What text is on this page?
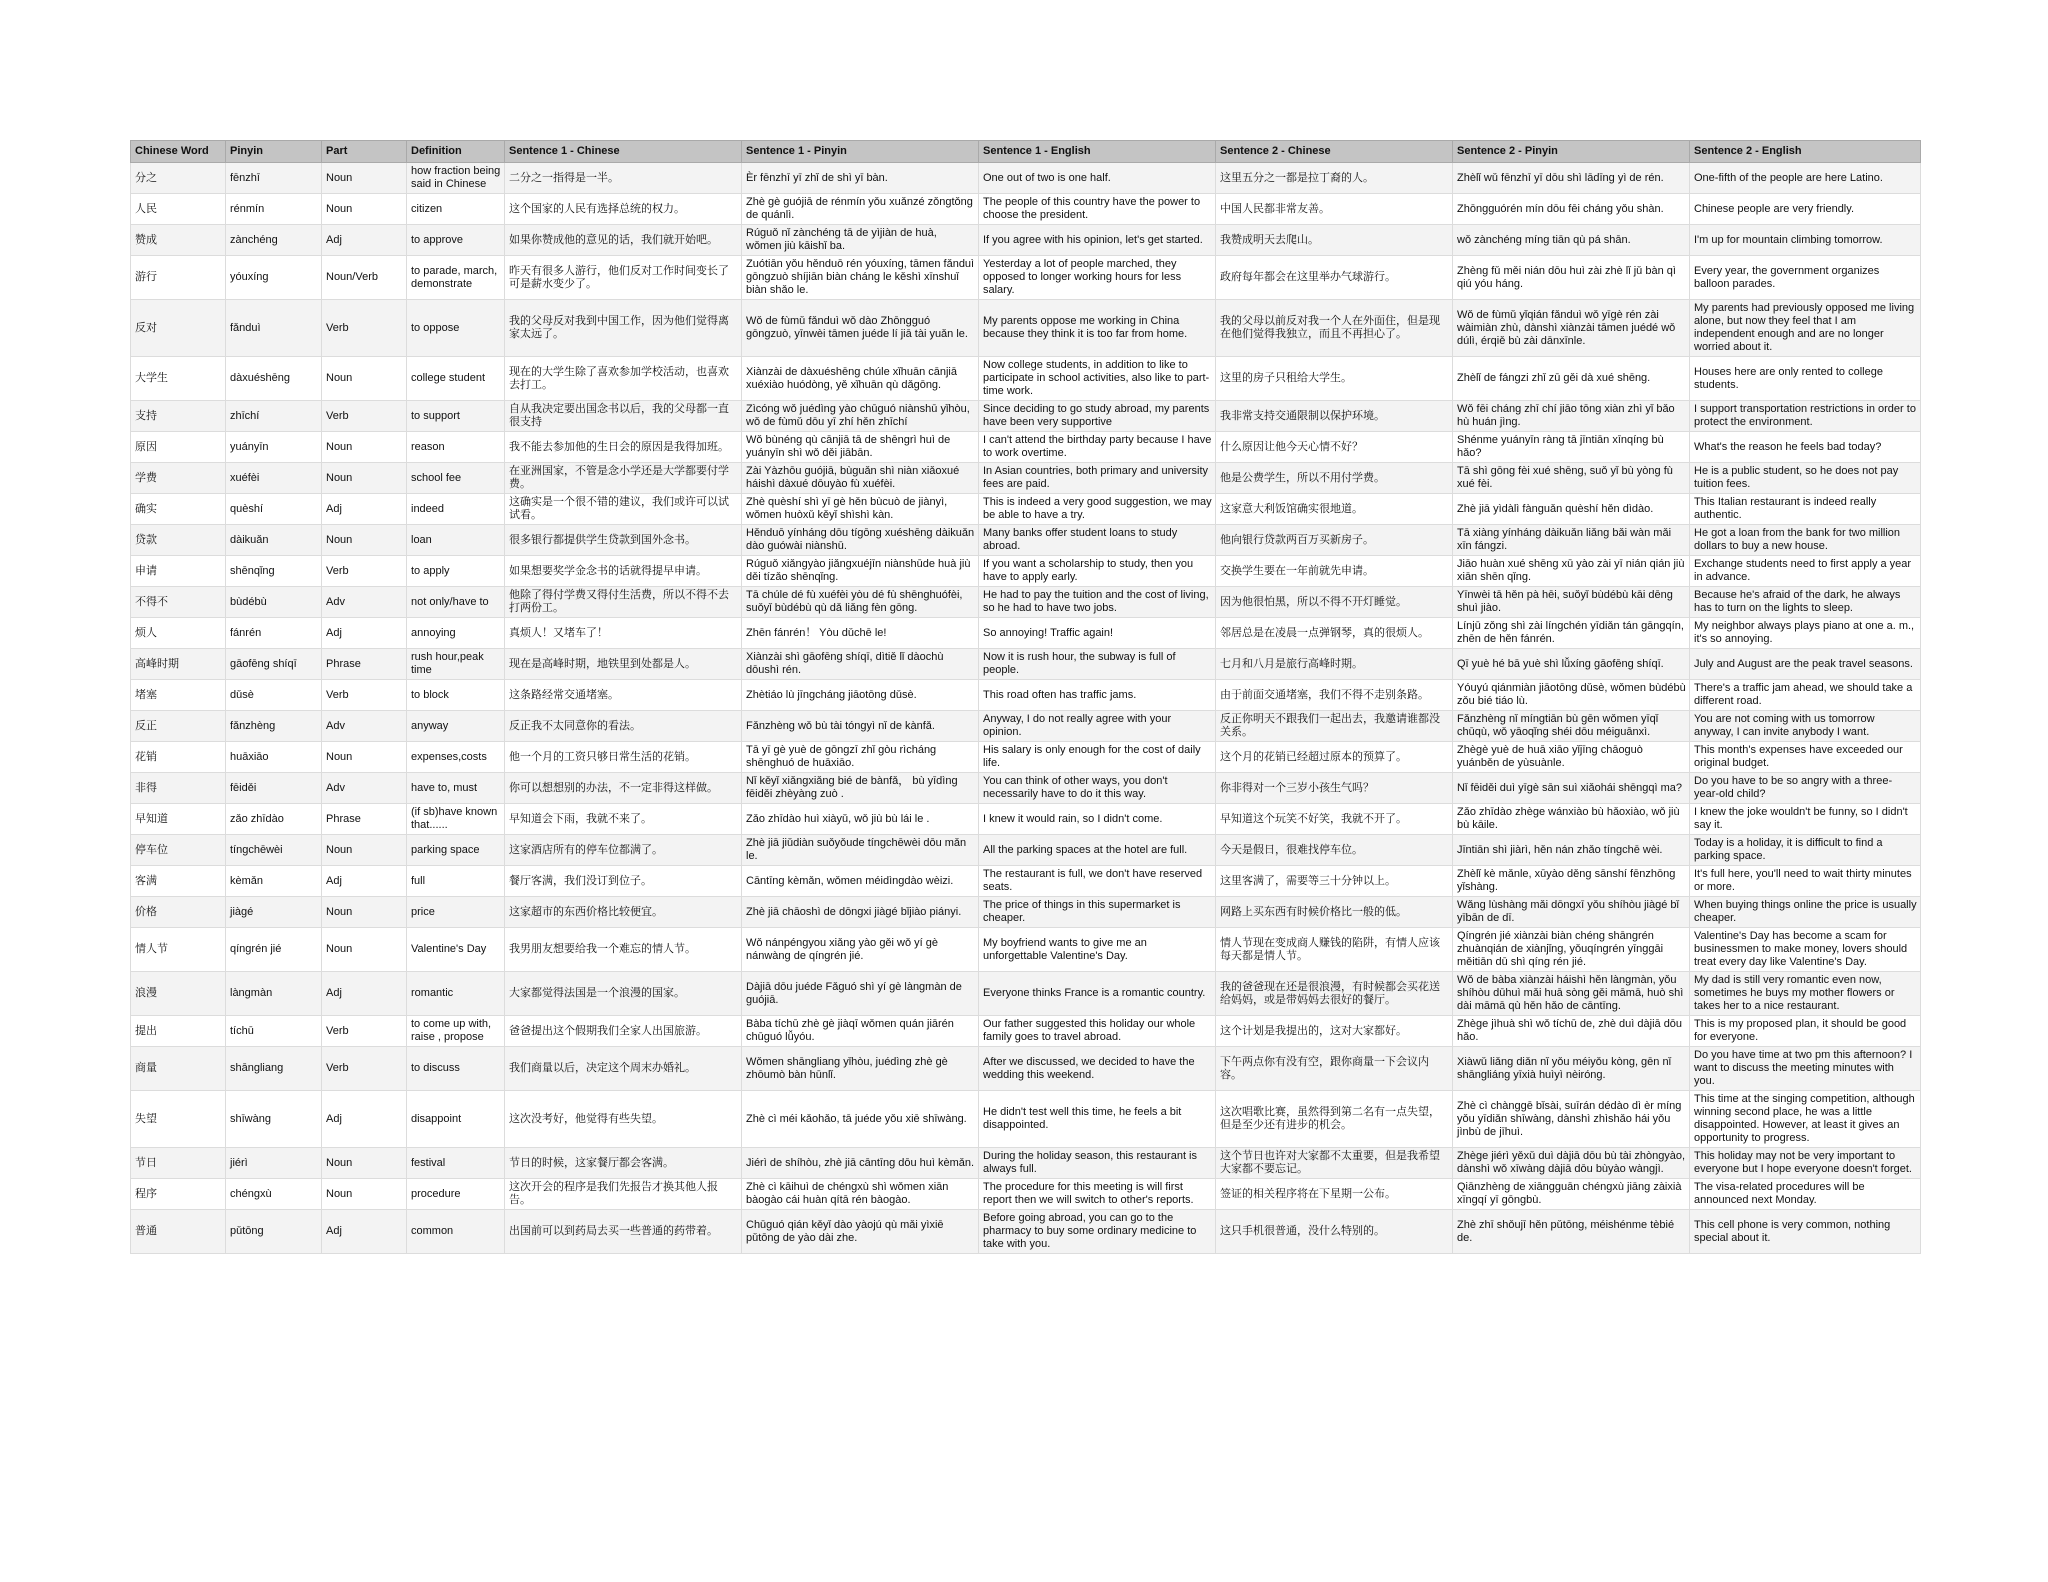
Chinese Word	Pinyin	Part	Definition	Sentence 1 - Chinese	Sentence 1 - Pinyin	Sentence 1 - English	Sentence 2 - Chinese	Sentence 2 - Pinyin	Sentence 2 - English
分之	fēnzhī	Noun	how fraction being said in Chinese	二分之一指得是一半。	Èr fēnzhī yī zhǐ de shì yī bàn.	One out of two is one half.	这里五分之一都是拉丁裔的人。	Zhèlǐ wǔ fēnzhī yī dōu shì lādīng yì de rén.	One-fifth of the people are here Latino.
人民	rénmín	Noun	citizen	这个国家的人民有选择总统的权力。	Zhè gè guójiā de rénmín yǒu xuǎnzé zǒngtǒng de quánlì.	The people of this country have the power to choose the president.	中国人民都非常友善。	Zhōngguórén mín dōu fēi cháng yǒu shàn.	Chinese people are very friendly.
赞成	zànchéng	Adj	to approve	如果你赞成他的意见的话，我们就开始吧。	Rúguǒ nǐ zànchéng tā de yìjiàn de huà, wǒmen jiù kāishǐ ba.	If you agree with his opinion, let's get started.	我赞成明天去爬山。	wǒ zànchéng míng tiān qù pá shān.	I'm up for mountain climbing tomorrow.
游行	yóuxíng	Noun/Verb	to parade, march, demonstrate	昨天有很多人游行，他们反对工作时间变长了可是薪水变少了。	Zuótiān yǒu hěnduō rén yóuxíng, tāmen fǎnduì gōngzuò shíjiān biàn cháng le kěshì xīnshuǐ biàn shǎo le.	Yesterday a lot of people marched, they opposed to longer working hours for less salary.	政府每年都会在这里举办气球游行。	Zhèng fǔ měi nián dōu huì zài zhè lǐ jǔ bàn qì qiú yóu háng.	Every year, the government organizes balloon parades.
反对	fǎnduì	Verb	to oppose	我的父母反对我到中国工作，因为他们觉得离家太远了。	Wǒ de fùmǔ fǎnduì wǒ dào Zhōngguó gōngzuò, yīnwèi tāmen juéde lí jiā tài yuǎn le.	My parents oppose me working in China because they think it is too far from home.	我的父母以前反对我一个人在外面住，但是现在他们觉得我独立，而且不再担心了。	Wǒ de fùmǔ yǐqián fǎnduì wǒ yīgè rén zài wàimiàn zhù, dànshì xiànzài tāmen juédé wǒ dúlì, érqiě bù zài dānxīnle.	My parents had previously opposed me living alone, but now they feel that I am independent enough and are no longer worried about it.
大学生	dàxuéshēng	Noun	college student	现在的大学生除了喜欢参加学校活动，也喜欢去打工。	Xiànzài de dàxuéshēng chúle xǐhuān cānjiā xuéxiào huódòng, yě xǐhuān qù dǎgōng.	Now college students, in addition to like to participate in school activities, also like to part-time work.	这里的房子只租给大学生。	Zhèlǐ de fángzi zhǐ zū gěi dà xué shēng.	Houses here are only rented to college students.
支持	zhīchí	Verb	to support	自从我决定要出国念书以后，我的父母都一直很支持	Zìcóng wǒ juédìng yào chūguó niànshū yǐhòu, wǒ de fùmǔ dōu yī zhí hěn zhīchí	Since deciding to go study abroad, my parents have been very supportive	我非常支持交通限制以保护环境。	Wǒ fēi cháng zhī chí jiāo tōng xiàn zhì yǐ bǎo hù huán jìng.	I support transportation restrictions in order to protect the environment.
原因	yuányīn	Noun	reason	我不能去参加他的生日会的原因是我得加班。	Wǒ bùnéng qù cānjiā tā de shēngrì huì de yuányīn shì wǒ děi jiābān.	I can't attend the birthday party because I have to work overtime.	什么原因让他今天心情不好？	Shénme yuányīn ràng tā jīntiān xīnqíng bù hǎo?	What's the reason he feels bad today?
学费	xuéfèi	Noun	school fee	在亚洲国家，不管是念小学还是大学都要付学费。	Zài Yàzhōu guójiā, bùguǎn shì niàn xiǎoxué háishì dàxué dōuyào fù xuéfèi.	In Asian countries, both primary and university fees are paid.	他是公费学生，所以不用付学费。	Tā shì gōng fèi xué shēng, suǒ yǐ bù yòng fù xué fèi.	He is a public student, so he does not pay tuition fees.
确实	quèshí	Adj	indeed	这确实是一个很不错的建议，我们或许可以试试看。	Zhè quèshí shì yī gè hěn bùcuò de jiànyì, wǒmen huòxǔ kěyǐ shìshì kàn.	This is indeed a very good suggestion, we may be able to have a try.	这家意大利饭馆确实很地道。	Zhè jiā yìdàlì fànguǎn quèshí hěn dìdào.	This Italian restaurant is indeed really authentic.
贷款	dàikuǎn	Noun	loan	很多银行都提供学生贷款到国外念书。	Hěnduō yínháng dōu tígōng xuéshēng dàikuǎn dào guówài niànshū.	Many banks offer student loans to study abroad.	他向银行贷款两百万买新房子。	Tā xiàng yínháng dàikuǎn liǎng bǎi wàn mǎi xīn fángzi.	He got a loan from the bank for two million dollars to buy a new house.
申请	shēnqǐng	Verb	to apply	如果想要奖学金念书的话就得提早申请。	Rúguǒ xiǎngyào jiǎngxuéjīn niànshūde huà jiù děi tízǎo shēnqǐng.	If you want a scholarship to study, then you have to apply early.	交换学生要在一年前就先申请。	Jiāo huàn xué shēng xū yào zài yī nián qián jiù xiān shēn qǐng.	Exchange students need to first apply a year in advance.
不得不	bùdébù	Adv	not only/have to	他除了得付学费又得付生活费，所以不得不去打两份工。	Tā chúle dé fù xuéfèi yòu dé fù shēnghuófèi, suǒyǐ bùdébù qù dǎ liǎng fèn gōng.	He had to pay the tuition and the cost of living, so he had to have two jobs.	因为他很怕黑，所以不得不开灯睡觉。	Yīnwèi tā hěn pà hēi, suǒyǐ bùdébù kāi dēng shuì jiào.	Because he's afraid of the dark, he always has to turn on the lights to sleep.
烦人	fánrén	Adj	annoying	真烦人！又堵车了！	Zhēn fánrén！ Yòu dǔchē le!	So annoying! Traffic again!	邻居总是在凌晨一点弹钢琴，真的很烦人。	Línjū zǒng shì zài língchén yīdiǎn tán gāngqín, zhēn de hěn fánrén.	My neighbor always plays piano at one a. m., it's so annoying.
高峰时期	gāofēng shíqī	Phrase	rush hour,peak time	现在是高峰时期，地铁里到处都是人。	Xiànzài shì gāofēng shíqī, dìtiě lǐ dàochù dōushì rén.	Now it is rush hour, the subway is full of people.	七月和八月是旅行高峰时期。	Qī yuè hé bā yuè shì lǚxíng gāofēng shíqī.	July and August are the peak travel seasons.
堵塞	dǔsè	Verb	to block	这条路经常交通堵塞。	Zhètiáo lù jīngcháng jiāotōng dǔsè.	This road often has traffic jams.	由于前面交通堵塞，我们不得不走别条路。	Yóuyú qiánmiàn jiāotōng dǔsè, wǒmen bùdébù zǒu bié tiáo lù.	There's a traffic jam ahead, we should take a different road.
反正	fǎnzhèng	Adv	anyway	反正我不太同意你的看法。	Fǎnzhèng wǒ bù tài tóngyì nǐ de kànfǎ.	Anyway, I do not really agree with your opinion.	反正你明天不跟我们一起出去，我邀请谁都没关系。	Fǎnzhèng nǐ míngtiān bù gēn wǒmen yīqǐ chūqù, wǒ yāoqǐng shéi dōu méiguānxì.	You are not coming with us tomorrow anyway, I can invite anybody I want.
花销	huāxiāo	Noun	expenses,costs	他一个月的工资只够日常生活的花销。	Tā yī gè yuè de gōngzī zhǐ gòu rìcháng shēnghuó de huāxiāo.	His salary is only enough for the cost of daily life.	这个月的花销已经超过原本的预算了。	Zhègè yuè de huā xiāo yǐjīng chāoguò yuánběn de yùsuànle.	This month's expenses have exceeded our original budget.
非得	fēiděi	Adv	have to, must	你可以想想别的办法，不一定非得这样做。	Nǐ kěyǐ xiǎngxiǎng bié de bànfǎ， bù yīdìng fēiděi zhèyàng zuò .	You can think of other ways, you don't necessarily have to do it this way.	你非得对一个三岁小孩生气吗？	Nǐ fēiděi duì yīgè sān suì xiǎohái shēngqì ma?	Do you have to be so angry with a three-year-old child?
早知道	zǎo zhīdào	Phrase	(if sb)have known that......	早知道会下雨，我就不来了。	Zǎo zhīdào huì xiàyǔ, wǒ jiù bù lái le .	I knew it would rain, so I didn't come.	早知道这个玩笑不好笑，我就不开了。	Zǎo zhīdào zhège wánxiào bù hǎoxiào, wǒ jiù bù kāile.	I knew the joke wouldn't be funny, so I didn't say it.
停车位	tíngchēwèi	Noun	parking space	这家酒店所有的停车位都满了。	Zhè jiā jiǔdiàn suǒyǒude tíngchēwèi dōu mǎn le.	All the parking spaces at the hotel are full.	今天是假日，很难找停车位。	Jīntiān shì jiàrì, hěn nán zhǎo tíngchē wèi.	Today is a holiday, it is difficult to find a parking space.
客满	kèmǎn	Adj	full	餐厅客满，我们没订到位子。	Cāntīng kèmǎn, wǒmen méidìngdào wèizi.	The restaurant is full, we don't have reserved seats.	这里客满了，需要等三十分钟以上。	Zhèlǐ kè mǎnle, xūyào děng sānshí fēnzhōng yǐshàng.	It's full here, you'll need to wait thirty minutes or more.
价格	jiàgé	Noun	price	这家超市的东西价格比较便宜。	Zhè jiā chāoshì de dōngxi jiàgé bǐjiào piányi.	The price of things in this supermarket is cheaper.	网路上买东西有时候价格比一般的低。	Wǎng lùshàng mǎi dōngxī yǒu shíhòu jiàgé bǐ yībān de dī.	When buying things online the price is usually cheaper.
情人节	qíngrén jié	Noun	Valentine's Day	我男朋友想要给我一个难忘的情人节。	Wǒ nánpéngyou xiǎng yào gěi wǒ yí gè nánwàng de qíngrén jié.	My boyfriend wants to give me an unforgettable Valentine's Day.	情人节现在变成商人赚钱的陷阱，有情人应该每天都是情人节。	Qíngrén jié xiànzài biàn chéng shāngrén zhuànqián de xiànjǐng, yǒuqíngrén yīnggāi měitiān dū shì qíng rén jié.	Valentine's Day has become a scam for businessmen to make money, lovers should treat every day like Valentine's Day.
浪漫	làngmàn	Adj	romantic	大家都觉得法国是一个浪漫的国家。	Dàjiā dōu juéde Fǎguó shì yí gè làngmàn de guójiā.	Everyone thinks France is a romantic country.	我的爸爸现在还是很浪漫，有时候都会买花送给妈妈，或是带妈妈去很好的餐厅。	Wǒ de bàba xiànzài háishì hěn làngmàn, yǒu shíhòu dūhuì mǎi huā sòng gěi māmā, huò shì dài māmā qù hěn hǎo de cāntīng.	My dad is still very romantic even now, sometimes he buys my mother flowers or takes her to a nice restaurant.
提出	tíchū	Verb	to come up with, raise , propose	爸爸提出这个假期我们全家人出国旅游。	Bàba tíchū zhè gè jiàqī wǒmen quán jiārén chūguó lǚyóu.	Our father suggested this holiday our whole family goes to travel abroad.	这个计划是我提出的，这对大家都好。	Zhège jìhuà shì wǒ tíchū de, zhè duì dàjiā dōu hǎo.	This is my proposed plan, it should be good for everyone.
商量	shāngliang	Verb	to discuss	我们商量以后，决定这个周末办婚礼。	Wǒmen shāngliang yǐhòu, juédìng zhè gè zhōumò bàn hūnlǐ.	After we discussed, we decided to have the wedding this weekend.	下午两点你有没有空，跟你商量一下会议内容。	Xiàwǔ liǎng diǎn nǐ yǒu méiyǒu kòng, gēn nǐ shāngliáng yīxià huìyì nèiróng.	Do you have time at two pm this afternoon? I want to discuss the meeting minutes with you.
失望	shīwàng	Adj	disappoint	这次没考好，他觉得有些失望。	Zhè cì méi kǎohǎo, tā juéde yǒu xiē shīwàng.	He didn't test well this time, he feels a bit disappointed.	这次唱歌比赛，虽然得到第二名有一点失望，但是至少还有进步的机会。	Zhè cì chànggē bǐsài, suīrán dédào dì èr míng yǒu yīdiǎn shīwàng, dànshì zhìshǎo hái yǒu jìnbù de jīhuì.	This time at the singing competition, although winning second place, he was a little disappointed. However, at least it gives an opportunity to progress.
节日	jiérì	Noun	festival	节日的时候，这家餐厅都会客满。	Jiérì de shíhòu, zhè jiā cāntīng dōu huì kèmǎn.	During the holiday season, this restaurant is always full.	这个节日也许对大家都不太重要，但是我希望大家都不要忘记。	Zhège jiérì yěxǔ duì dàjiā dōu bù tài zhòngyào, dànshì wǒ xīwàng dàjiā dōu bùyào wàngjì.	This holiday may not be very important to everyone but I hope everyone doesn't forget.
程序	chéngxù	Noun	procedure	这次开会的程序是我们先报告才换其他人报告。	Zhè cì kāihuì de chéngxù shì wǒmen xiān bàogào cái huàn qítā rén bàogào.	The procedure for this meeting is will first report then we will switch to other's reports.	签证的相关程序将在下星期一公布。	Qiānzhèng de xiāngguān chéngxù jiāng zàixià xīngqí yī gōngbù.	The visa-related procedures will be announced next Monday.
普通	pǔtōng	Adj	common	出国前可以到药局去买一些普通的药带着。	Chūguó qián kěyǐ dào yàojú qù mǎi yìxiē pǔtōng de yào dài zhe.	Before going abroad, you can go to the pharmacy to buy some ordinary medicine to take with you.	这只手机很普通，没什么特别的。	Zhè zhī shǒujī hěn pǔtōng, méishénme tèbié de.	This cell phone is very common, nothing special about it.
